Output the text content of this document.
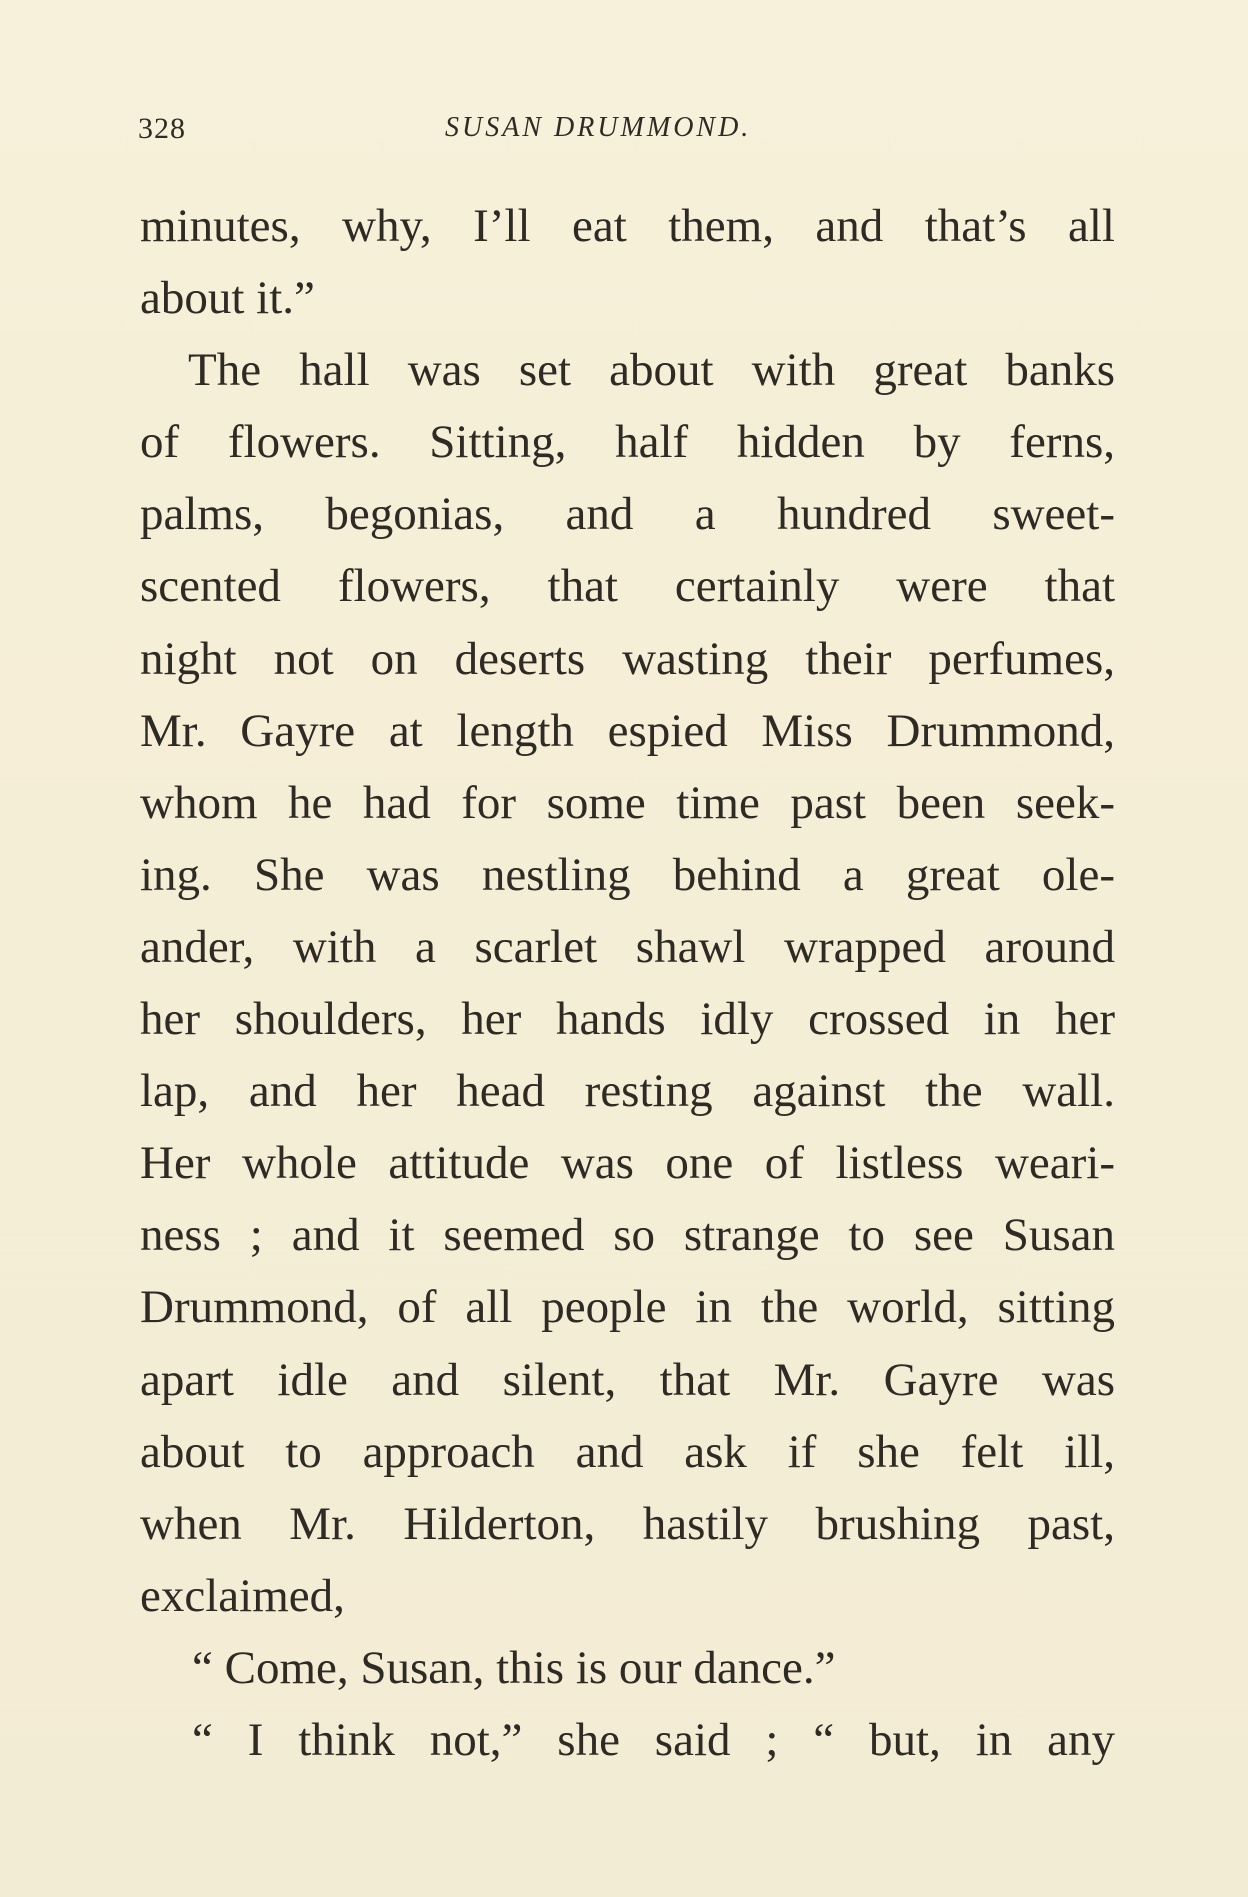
328	SUSAN DRUMMOND.
minutes, why, I’ll eat them, and that’s all
about it.”
The hall was set about with great banks
of flowers. Sitting, half hidden by ferns,
palms, begonias, and a hundred sweet-
scented flowers, that certainly were that
night not on deserts wasting their perfumes,
Mr. Gayre at length espied Miss Drummond,
whom he had for some time past been seek-
ing. She was nestling behind a great ole-
ander, with a scarlet shawl wrapped around
her shoulders, her hands idly crossed in her
lap, and her head resting against the wall.
Her whole attitude was one of listless weari-
ness ; and it seemed so strange to see Susan
Drummond, of all people in the world, sitting
apart idle and silent, that Mr. Gayre was
about to approach and ask if she felt ill,
when Mr. Hilderton, hastily brushing past,
exclaimed,
“ Come, Susan, this is our dance.”
“ I think not,” she said ; “ but, in any
